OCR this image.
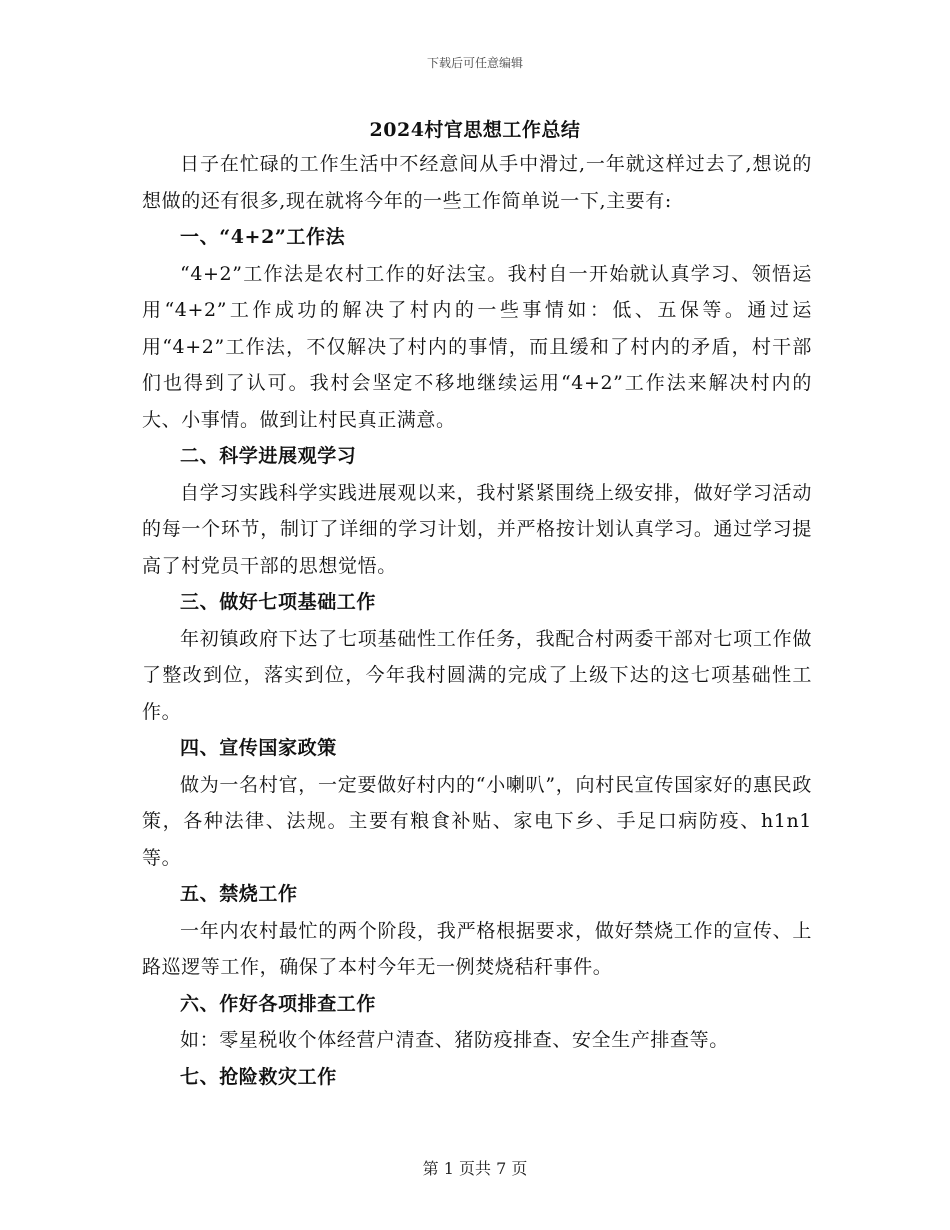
下载后可任意编辑
2024村官思想工作总结

日子在忙碌的工作生活中不经意间从手中滑过,一年就这样过去了,想说的想做的还有很多,现在就将今年的一些工作简单说一下,主要有:

一、“4+2”工作法

“4+2”工作法是农村工作的好法宝。我村自一开始就认真学习、领悟运用“4+2”工作成功的解决了村内的一些事情如：低、五保等。通过运用“4+2”工作法，不仅解决了村内的事情，而且缓和了村内的矛盾，村干部们也得到了认可。我村会坚定不移地继续运用“4+2”工作法来解决村内的大、小事情。做到让村民真正满意。

二、科学进展观学习

自学习实践科学实践进展观以来，我村紧紧围绕上级安排，做好学习活动的每一个环节，制订了详细的学习计划，并严格按计划认真学习。通过学习提高了村党员干部的思想觉悟。

三、做好七项基础工作

年初镇政府下达了七项基础性工作任务，我配合村两委干部对七项工作做了整改到位，落实到位，今年我村圆满的完成了上级下达的这七项基础性工作。

四、宣传国家政策

做为一名村官，一定要做好村内的“小喇叭”，向村民宣传国家好的惠民政策，各种法律、法规。主要有粮食补贴、家电下乡、手足口病防疫、h1n1等。

五、禁烧工作

一年内农村最忙的两个阶段，我严格根据要求，做好禁烧工作的宣传、上路巡逻等工作，确保了本村今年无一例焚烧秸秆事件。

六、作好各项排查工作

如：零星税收个体经营户清查、猪防疫排查、安全生产排查等。

七、抢险救灾工作

第 1 页共 7 页
